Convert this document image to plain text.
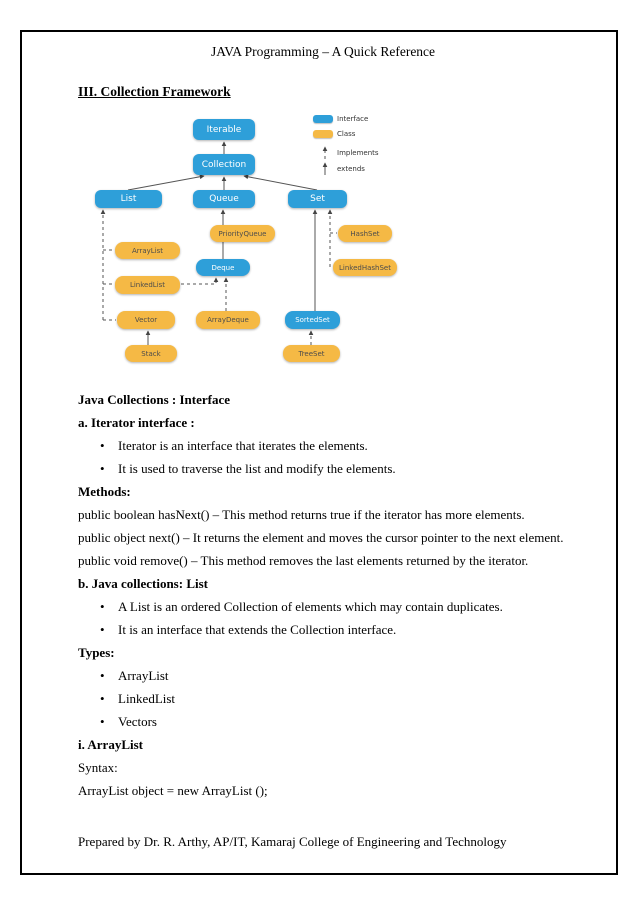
JAVA Programming – A Quick Reference

III. Collection Framework

Iterable
Collection
List	Queue	Set
PriorityQueue	HashSet
ArrayList
Deque	LinkedHashSet
LinkedList
Vector	ArrayDeque	SortedSet
Stack	TreeSet
Interface
Class
Implements
extends

Java Collections : Interface

a. Iterator interface :

• Iterator is an interface that iterates the elements.
• It is used to traverse the list and modify the elements.

Methods:

public boolean hasNext() – This method returns true if the iterator has more elements.

public object next() – It returns the element and moves the cursor pointer to the next element.

public void remove() – This method removes the last elements returned by the iterator.

b. Java collections: List

• A List is an ordered Collection of elements which may contain duplicates.
• It is an interface that extends the Collection interface.

Types:

• ArrayList
• LinkedList
• Vectors

i. ArrayList

Syntax:

ArrayList object = new ArrayList ();

Prepared by Dr. R. Arthy, AP/IT, Kamaraj College of Engineering and Technology
